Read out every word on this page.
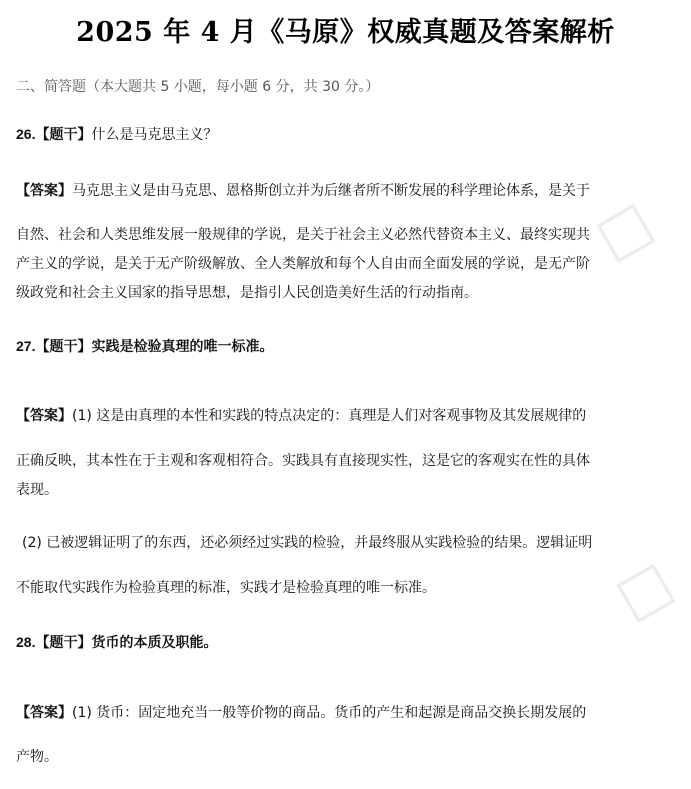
☐
☐
2025 年 4 月《马原》权威真题及答案解析
二、简答题（本大题共 5 小题，每小题 6 分，共 30 分。）
26.【题干】什么是马克思主义？
【答案】马克思主义是由马克思、恩格斯创立并为后继者所不断发展的科学理论体系，是关于
自然、社会和人类思维发展一般规律的学说，是关于社会主义必然代替资本主义、最终实现共
产主义的学说，是关于无产阶级解放、全人类解放和每个人自由而全面发展的学说，是无产阶
级政党和社会主义国家的指导思想，是指引人民创造美好生活的行动指南。
27.【题干】实践是检验真理的唯一标准。
【答案】(1) 这是由真理的本性和实践的特点决定的：真理是人们对客观事物及其发展规律的
正确反映，其本性在于主观和客观相符合。实践具有直接现实性，这是它的客观实在性的具体
表现。
(2) 已被逻辑证明了的东西，还必须经过实践的检验，并最终服从实践检验的结果。逻辑证明
不能取代实践作为检验真理的标准，实践才是检验真理的唯一标准。
28.【题干】货币的本质及职能。
【答案】(1) 货币：固定地充当一般等价物的商品。货币的产生和起源是商品交换长期发展的
产物。
